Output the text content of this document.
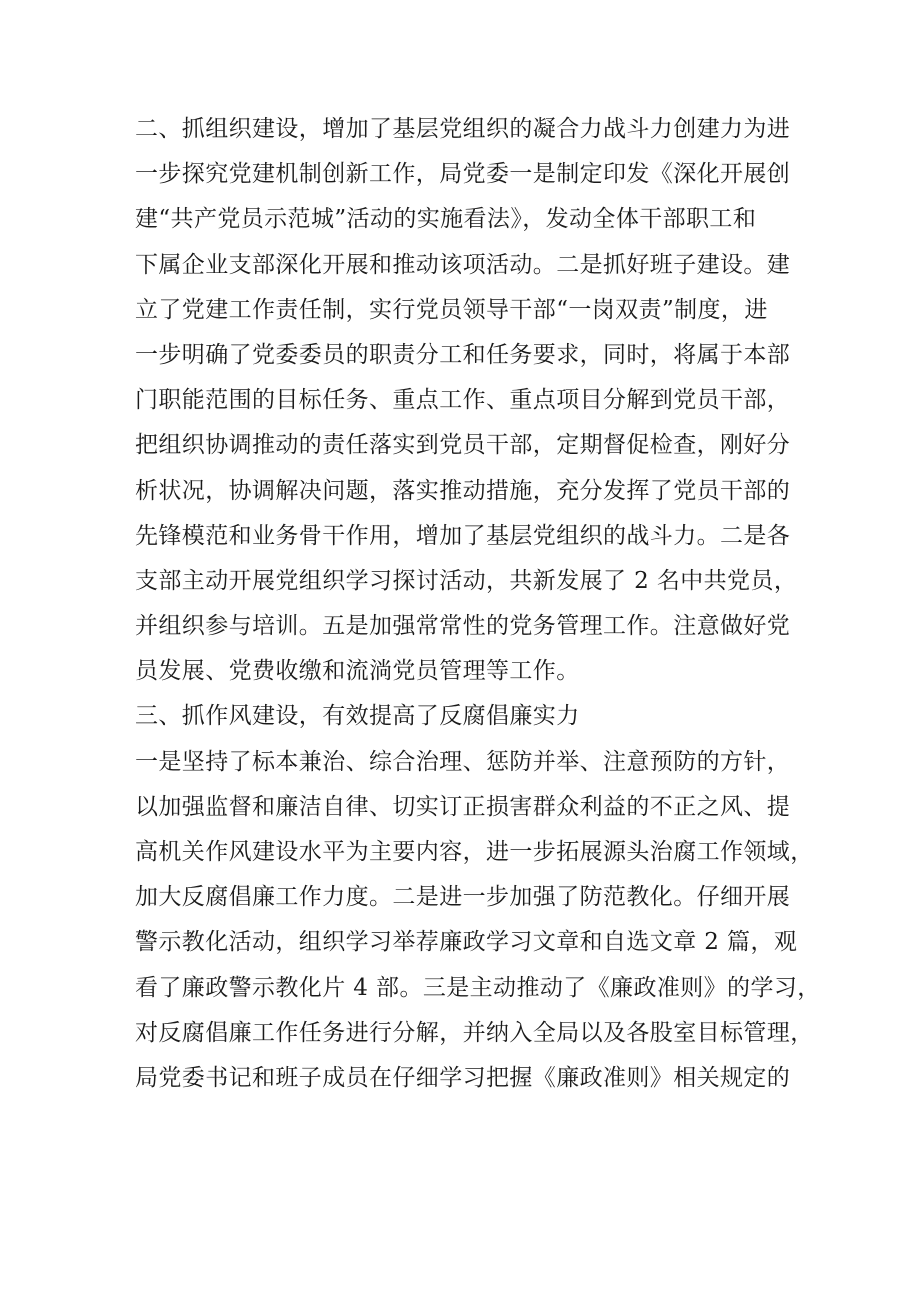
二、抓组织建设，增加了基层党组织的凝合力战斗力创建力为进
一步探究党建机制创新工作，局党委一是制定印发《深化开展创
建“共产党员示范城”活动的实施看法》，发动全体干部职工和
下属企业支部深化开展和推动该项活动。二是抓好班子建设。建
立了党建工作责任制，实行党员领导干部“一岗双责”制度，进
一步明确了党委委员的职责分工和任务要求，同时，将属于本部
门职能范围的目标任务、重点工作、重点项目分解到党员干部，
把组织协调推动的责任落实到党员干部，定期督促检查，刚好分
析状况，协调解决问题，落实推动措施，充分发挥了党员干部的
先锋模范和业务骨干作用，增加了基层党组织的战斗力。二是各
支部主动开展党组织学习探讨活动，共新发展了 2 名中共党员，
并组织参与培训。五是加强常常性的党务管理工作。注意做好党
员发展、党费收缴和流淌党员管理等工作。
三、抓作风建设，有效提高了反腐倡廉实力
一是坚持了标本兼治、综合治理、惩防并举、注意预防的方针，
以加强监督和廉洁自律、切实订正损害群众利益的不正之风、提
高机关作风建设水平为主要内容，进一步拓展源头治腐工作领域，
加大反腐倡廉工作力度。二是进一步加强了防范教化。仔细开展
警示教化活动，组织学习举荐廉政学习文章和自选文章 2 篇，观
看了廉政警示教化片 4 部。三是主动推动了《廉政准则》的学习，
对反腐倡廉工作任务进行分解，并纳入全局以及各股室目标管理，
局党委书记和班子成员在仔细学习把握《廉政准则》相关规定的
